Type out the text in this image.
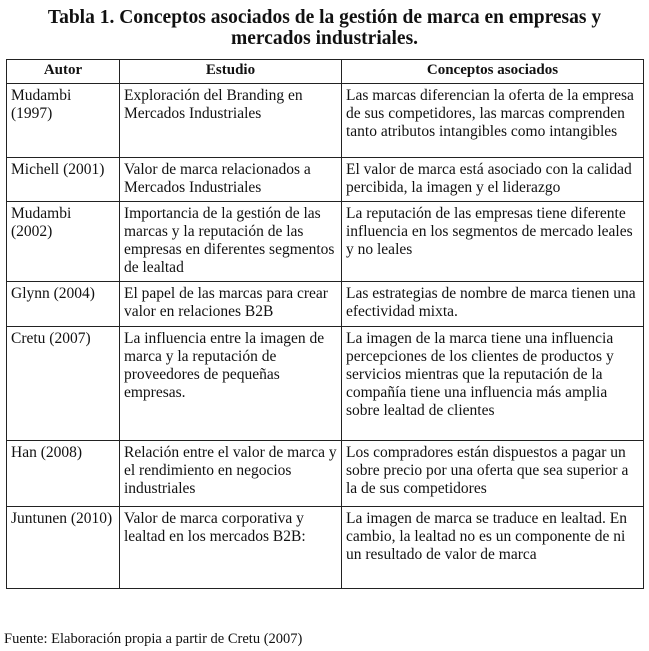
Tabla 1. Conceptos asociados de la gestión de marca en empresas y
mercados industriales.
Autor	Estudio	Conceptos asociados
Mudambi (1997)	Exploración del Branding en Mercados Industriales	Las marcas diferencian la oferta de la empresa de sus competidores, las marcas comprenden tanto atributos intangibles como intangibles
Michell (2001)	Valor de marca relacionados a Mercados Industriales	El valor de marca está asociado con la calidad percibida, la imagen y el liderazgo
Mudambi (2002)	Importancia de la gestión de las marcas y la reputación de las empresas en diferentes segmentos de lealtad	La reputación de las empresas tiene diferente influencia en los segmentos de mercado leales y no leales
Glynn (2004)	El papel de las marcas para crear valor en relaciones B2B	Las estrategias de nombre de marca tienen una efectividad mixta.
Cretu (2007)	La influencia entre la imagen de marca y la reputación de proveedores de pequeñas empresas.	La imagen de la marca tiene una influencia percepciones de los clientes de productos y servicios mientras que la reputación de la compañía tiene una influencia más amplia sobre lealtad de clientes
Han (2008)	Relación entre el valor de marca y el rendimiento en negocios industriales	Los compradores están dispuestos a pagar un sobre precio por una oferta que sea superior a la de sus competidores
Juntunen (2010)	Valor de marca corporativa y lealtad en los mercados B2B:	La imagen de marca se traduce en lealtad. En cambio, la lealtad no es un componente de ni un resultado de valor de marca

Fuente: Elaboración propia a partir de Cretu (2007)
